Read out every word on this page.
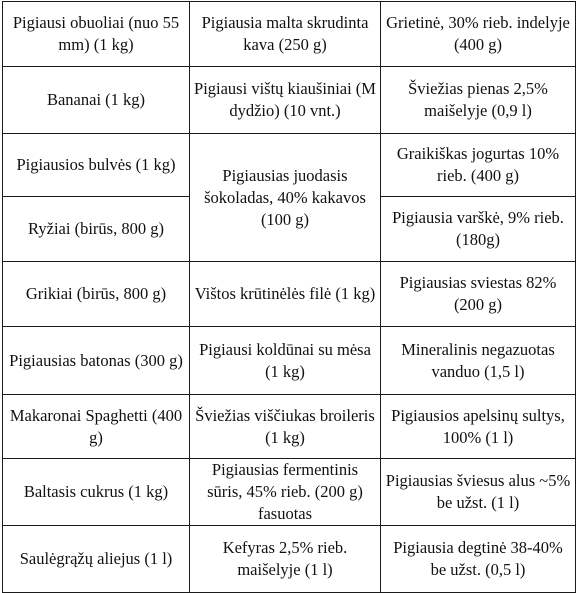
Pigiausi obuoliai (nuo 55 mm) (1 kg)	Pigiausia malta skrudinta kava (250 g)	Grietinė, 30% rieb. indelyje (400 g)
Bananai (1 kg)	Pigiausi vištų kiaušiniai (M dydžio) (10 vnt.)	Šviežias pienas 2,5% maišelyje (0,9 l)
Pigiausios bulvės (1 kg)	Pigiausias juodasis šokoladas, 40% kakavos (100 g)	Graikiškas jogurtas 10% rieb. (400 g)
Ryžiai (birūs, 800 g)		Pigiausia varškė, 9% rieb. (180g)
Grikiai (birūs, 800 g)	Vištos krūtinėlės filė (1 kg)	Pigiausias sviestas 82% (200 g)
Pigiausias batonas (300 g)	Pigiausi koldūnai su mėsa (1 kg)	Mineralinis negazuotas vanduo (1,5 l)
Makaronai Spaghetti (400 g)	Šviežias viščiukas broileris (1 kg)	Pigiausios apelsinų sultys, 100% (1 l)
Baltasis cukrus (1 kg)	Pigiausias fermentinis sūris, 45% rieb. (200 g) fasuotas	Pigiausias šviesus alus ~5% be užst. (1 l)
Saulėgrąžų aliejus (1 l)	Kefyras 2,5% rieb. maišelyje (1 l)	Pigiausia degtinė 38-40% be užst. (0,5 l)
